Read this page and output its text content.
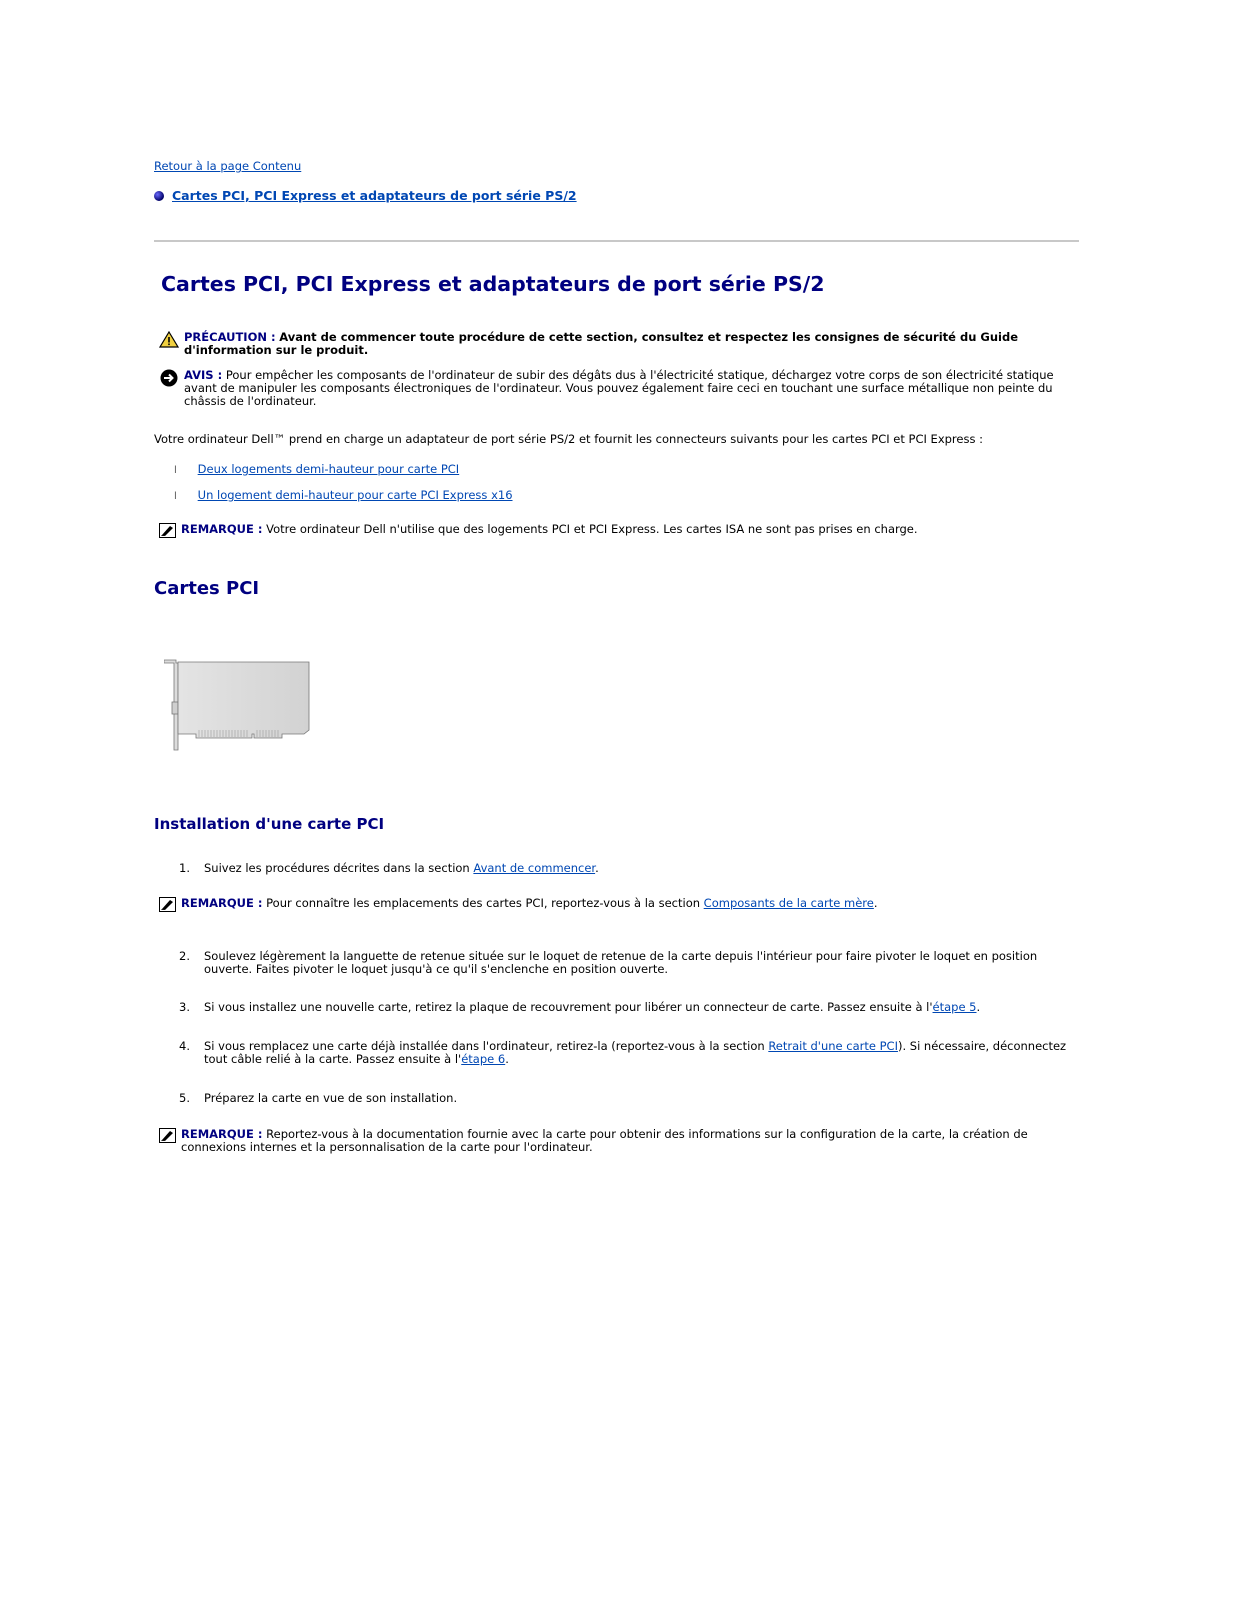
Retour à la page Contenu
Cartes PCI, PCI Express et adaptateurs de port série PS/2
Cartes PCI, PCI Express et adaptateurs de port série PS/2
PRÉCAUTION : Avant de commencer toute procédure de cette section, consultez et respectez les consignes de sécurité du Guide d'information sur le produit.
AVIS : Pour empêcher les composants de l'ordinateur de subir des dégâts dus à l'électricité statique, déchargez votre corps de son électricité statique avant de manipuler les composants électroniques de l'ordinateur. Vous pouvez également faire ceci en touchant une surface métallique non peinte du châssis de l'ordinateur.
Votre ordinateur Dell™ prend en charge un adaptateur de port série PS/2 et fournit les connecteurs suivants pour les cartes PCI et PCI Express :
l Deux logements demi-hauteur pour carte PCI
l Un logement demi-hauteur pour carte PCI Express x16
REMARQUE : Votre ordinateur Dell n'utilise que des logements PCI et PCI Express. Les cartes ISA ne sont pas prises en charge.
Cartes PCI
Installation d'une carte PCI
1.	Suivez les procédures décrites dans la section Avant de commencer.
REMARQUE : Pour connaître les emplacements des cartes PCI, reportez-vous à la section Composants de la carte mère.
2.	Soulevez légèrement la languette de retenue située sur le loquet de retenue de la carte depuis l'intérieur pour faire pivoter le loquet en position ouverte. Faites pivoter le loquet jusqu'à ce qu'il s'enclenche en position ouverte.
3.	Si vous installez une nouvelle carte, retirez la plaque de recouvrement pour libérer un connecteur de carte. Passez ensuite à l'étape 5.
4.	Si vous remplacez une carte déjà installée dans l'ordinateur, retirez-la (reportez-vous à la section Retrait d'une carte PCI). Si nécessaire, déconnectez tout câble relié à la carte. Passez ensuite à l'étape 6.
5.	Préparez la carte en vue de son installation.
REMARQUE : Reportez-vous à la documentation fournie avec la carte pour obtenir des informations sur la configuration de la carte, la création de connexions internes et la personnalisation de la carte pour l'ordinateur.
